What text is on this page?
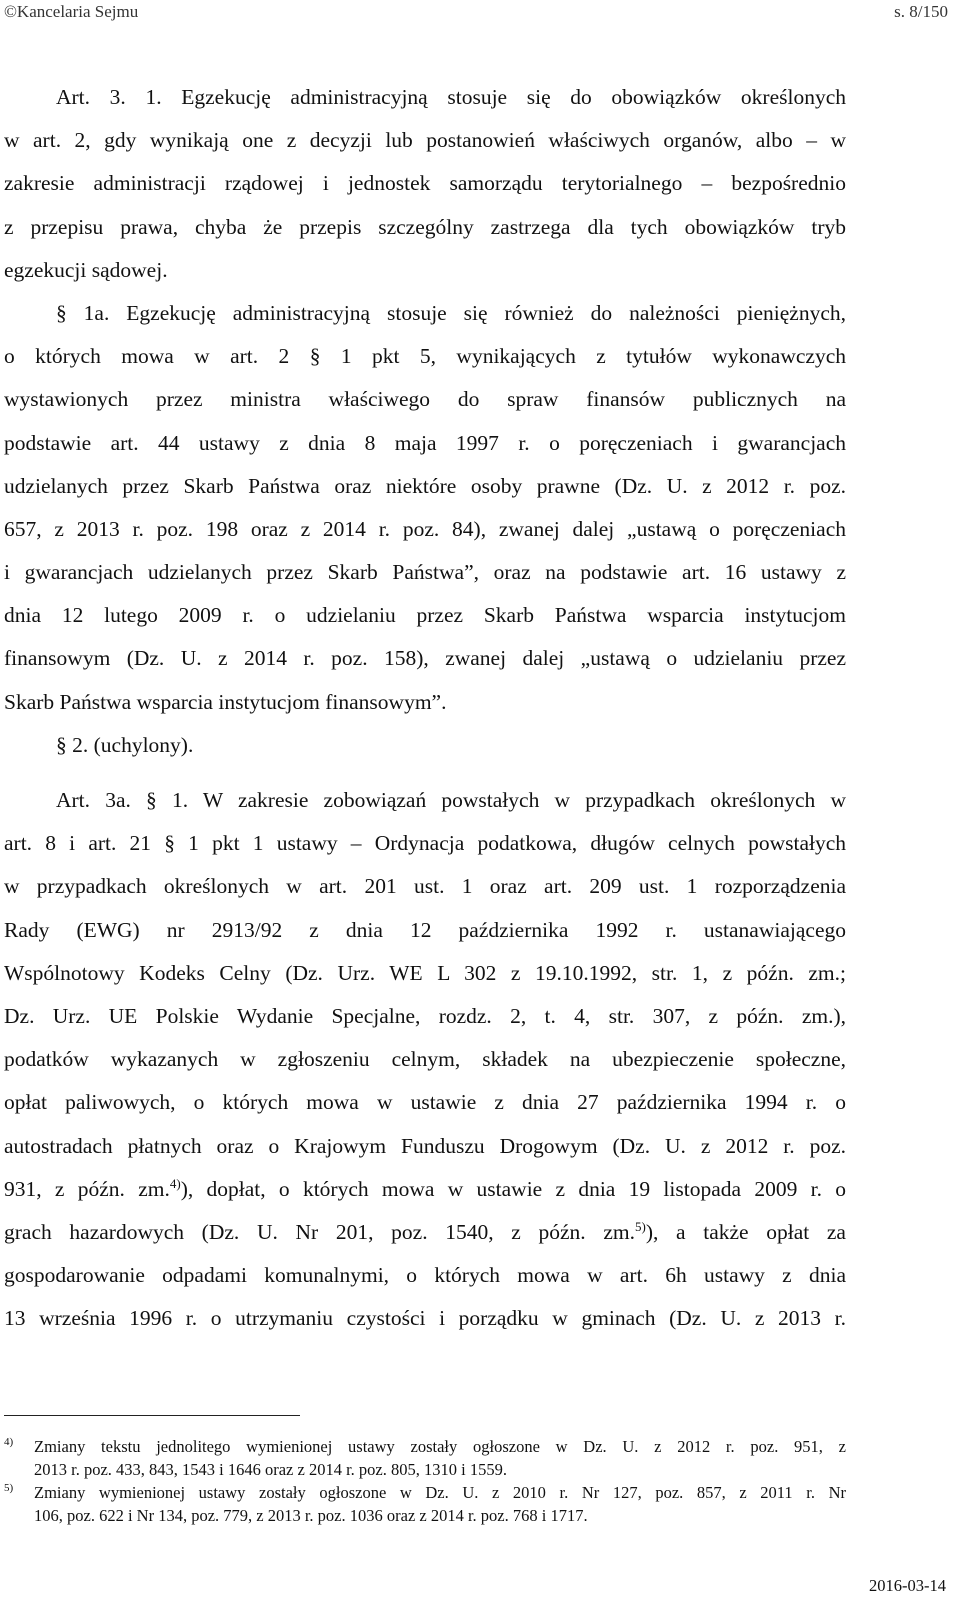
©Kancelaria Sejmu	s. 8/150
Art. 3. 1. Egzekucję administracyjną stosuje się do obowiązków określonych
w art. 2, gdy wynikają one z decyzji lub postanowień właściwych organów, albo – w
zakresie administracji rządowej i jednostek samorządu terytorialnego – bezpośrednio
z przepisu prawa, chyba że przepis szczególny zastrzega dla tych obowiązków tryb
egzekucji sądowej.
§ 1a. Egzekucję administracyjną stosuje się również do należności pieniężnych,
o których mowa w art. 2 § 1 pkt 5, wynikających z tytułów wykonawczych
wystawionych przez ministra właściwego do spraw finansów publicznych na
podstawie art. 44 ustawy z dnia 8 maja 1997 r. o poręczeniach i gwarancjach
udzielanych przez Skarb Państwa oraz niektóre osoby prawne (Dz. U. z 2012 r. poz.
657, z 2013 r. poz. 198 oraz z 2014 r. poz. 84), zwanej dalej „ustawą o poręczeniach
i gwarancjach udzielanych przez Skarb Państwa”, oraz na podstawie art. 16 ustawy z
dnia 12 lutego 2009 r. o udzielaniu przez Skarb Państwa wsparcia instytucjom
finansowym (Dz. U. z 2014 r. poz. 158), zwanej dalej „ustawą o udzielaniu przez
Skarb Państwa wsparcia instytucjom finansowym”.
§ 2. (uchylony).
Art. 3a. § 1. W zakresie zobowiązań powstałych w przypadkach określonych w
art. 8 i art. 21 § 1 pkt 1 ustawy – Ordynacja podatkowa, długów celnych powstałych
w przypadkach określonych w art. 201 ust. 1 oraz art. 209 ust. 1 rozporządzenia
Rady (EWG) nr 2913/92 z dnia 12 października 1992 r. ustanawiającego
Wspólnotowy Kodeks Celny (Dz. Urz. WE L 302 z 19.10.1992, str. 1, z późn. zm.;
Dz. Urz. UE Polskie Wydanie Specjalne, rozdz. 2, t. 4, str. 307, z późn. zm.),
podatków wykazanych w zgłoszeniu celnym, składek na ubezpieczenie społeczne,
opłat paliwowych, o których mowa w ustawie z dnia 27 października 1994 r. o
autostradach płatnych oraz o Krajowym Funduszu Drogowym (Dz. U. z 2012 r. poz.
931, z późn. zm.$^{4)}$), dopłat, o których mowa w ustawie z dnia 19 listopada 2009 r. o
grach hazardowych (Dz. U. Nr 201, poz. 1540, z późn. zm.$^{5)}$), a także opłat za
gospodarowanie odpadami komunalnymi, o których mowa w art. 6h ustawy z dnia
13 września 1996 r. o utrzymaniu czystości i porządku w gminach (Dz. U. z 2013 r.
4) Zmiany tekstu jednolitego wymienionej ustawy zostały ogłoszone w Dz. U. z 2012 r. poz. 951, z
2013 r. poz. 433, 843, 1543 i 1646 oraz z 2014 r. poz. 805, 1310 i 1559.
5) Zmiany wymienionej ustawy zostały ogłoszone w Dz. U. z 2010 r. Nr 127, poz. 857, z 2011 r. Nr
106, poz. 622 i Nr 134, poz. 779, z 2013 r. poz. 1036 oraz z 2014 r. poz. 768 i 1717.
2016-03-14
